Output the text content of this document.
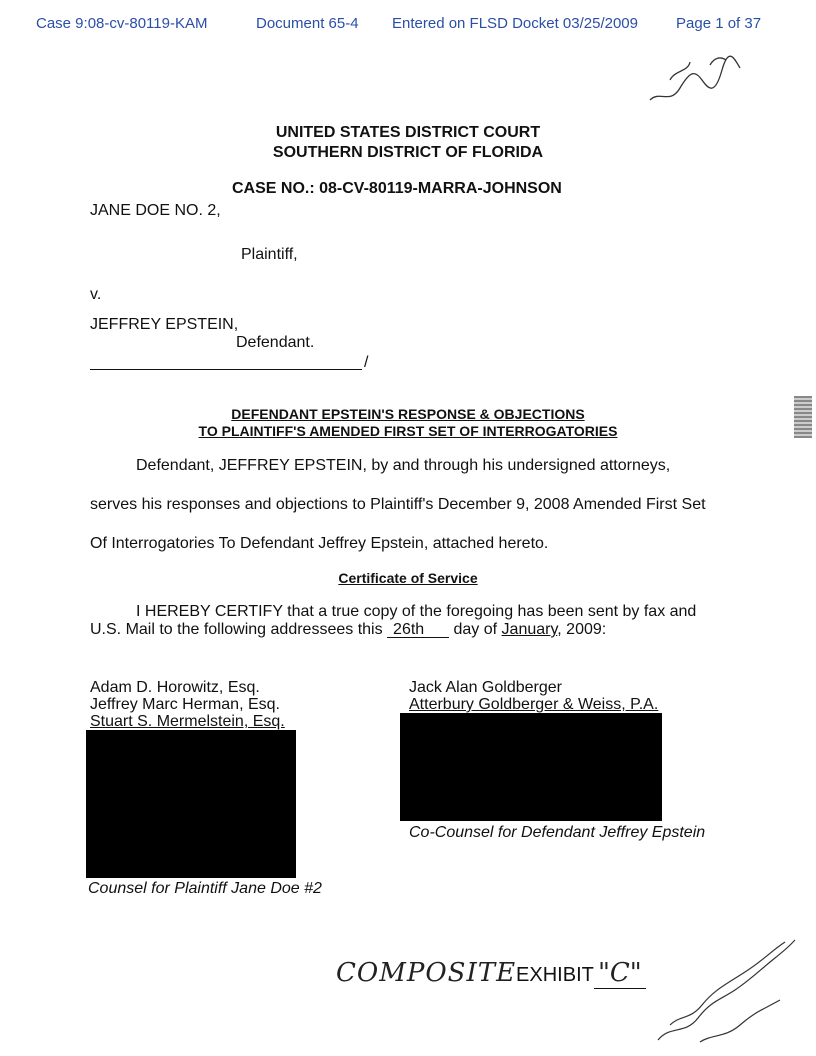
Case 9:08-cv-80119-KAM	Document 65-4 Entered on FLSD Docket 03/25/2009	Page 1 of 37
UNITED STATES DISTRICT COURT
SOUTHERN DISTRICT OF FLORIDA
CASE NO.: 08-CV-80119-MARRA-JOHNSON
JANE DOE NO. 2,
Plaintiff,
v.
JEFFREY EPSTEIN,
Defendant.
/
DEFENDANT EPSTEIN'S RESPONSE & OBJECTIONS
TO PLAINTIFF'S AMENDED FIRST SET OF INTERROGATORIES
Defendant, JEFFREY EPSTEIN, by and through his undersigned attorneys,
serves his responses and objections to Plaintiff's December 9, 2008 Amended First Set
Of Interrogatories To Defendant Jeffrey Epstein, attached hereto.
Certificate of Service
I HEREBY CERTIFY that a true copy of the foregoing has been sent by fax and
U.S. Mail to the following addressees this 26th day of January, 2009:
Adam D. Horowitz, Esq.
Jeffrey Marc Herman, Esq.
Stuart S. Mermelstein, Esq.
Counsel for Plaintiff Jane Doe #2
Jack Alan Goldberger
Atterbury Goldberger & Weiss, P.A.
Co-Counsel for Defendant Jeffrey Epstein
COMPOSITEEXHIBIT "C"
